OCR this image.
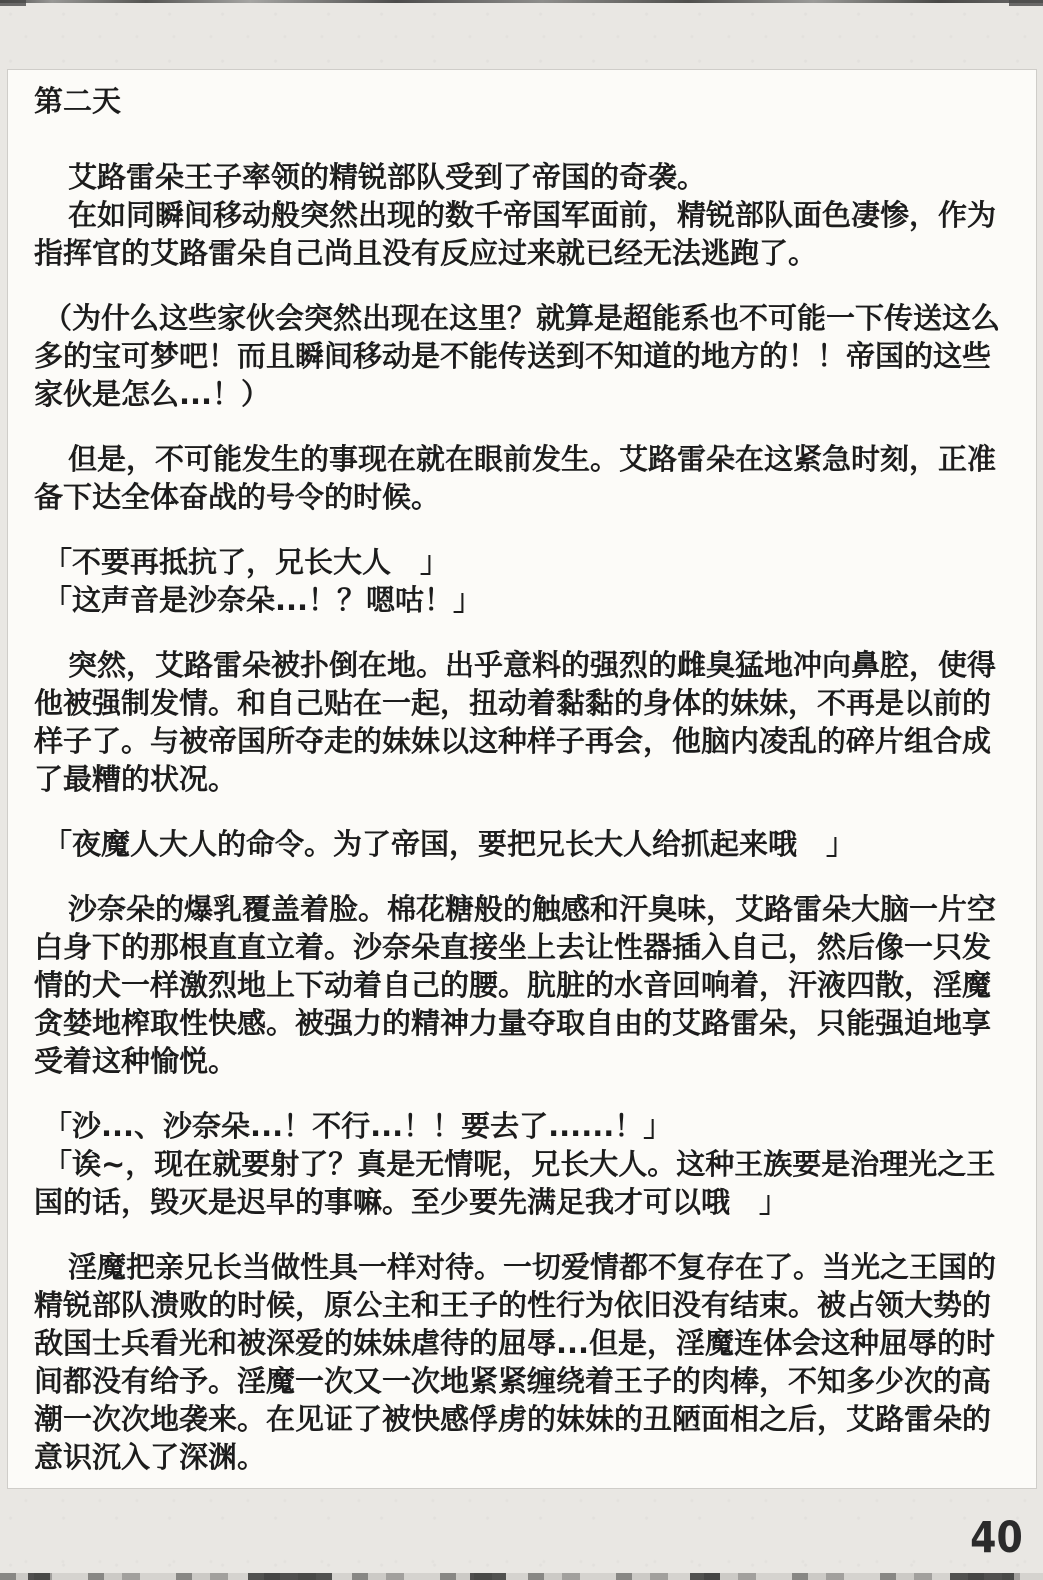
第二天

艾路雷朵王子率领的精锐部队受到了帝国的奇袭。

在如同瞬间移动般突然出现的数千帝国军面前，精锐部队面色凄惨，作为指挥官的艾路雷朵自己尚且没有反应过来就已经无法逃跑了。

（为什么这些家伙会突然出现在这里？就算是超能系也不可能一下传送这么多的宝可梦吧！而且瞬间移动是不能传送到不知道的地方的！！帝国的这些家伙是怎么...！）

但是，不可能发生的事现在就在眼前发生。艾路雷朵在这紧急时刻，正准备下达全体奋战的号令的时候。

「不要再抵抗了，兄长大人　」

「这声音是沙奈朵...！？嗯咕！」

突然，艾路雷朵被扑倒在地。出乎意料的强烈的雌臭猛地冲向鼻腔，使得他被强制发情。和自己贴在一起，扭动着黏黏的身体的妹妹，不再是以前的样子了。与被帝国所夺走的妹妹以这种样子再会，他脑内凌乱的碎片组合成了最糟的状况。

「夜魔人大人的命令。为了帝国，要把兄长大人给抓起来哦　」

沙奈朵的爆乳覆盖着脸。棉花糖般的触感和汗臭味，艾路雷朵大脑一片空白身下的那根直直立着。沙奈朵直接坐上去让性器插入自己，然后像一只发情的犬一样激烈地上下动着自己的腰。肮脏的水音回响着，汗液四散，淫魔贪婪地榨取性快感。被强力的精神力量夺取自由的艾路雷朵，只能强迫地享受着这种愉悦。

「沙...、沙奈朵...！不行...！！要去了......！」

「诶~，现在就要射了？真是无情呢，兄长大人。这种王族要是治理光之王国的话，毁灭是迟早的事嘛。至少要先满足我才可以哦　」

淫魔把亲兄长当做性具一样对待。一切爱情都不复存在了。当光之王国的精锐部队溃败的时候，原公主和王子的性行为依旧没有结束。被占领大势的敌国士兵看光和被深爱的妹妹虐待的屈辱...但是，淫魔连体会这种屈辱的时间都没有给予。淫魔一次又一次地紧紧缠绕着王子的肉棒，不知多少次的高潮一次次地袭来。在见证了被快感俘虏的妹妹的丑陋面相之后，艾路雷朵的意识沉入了深渊。

40
